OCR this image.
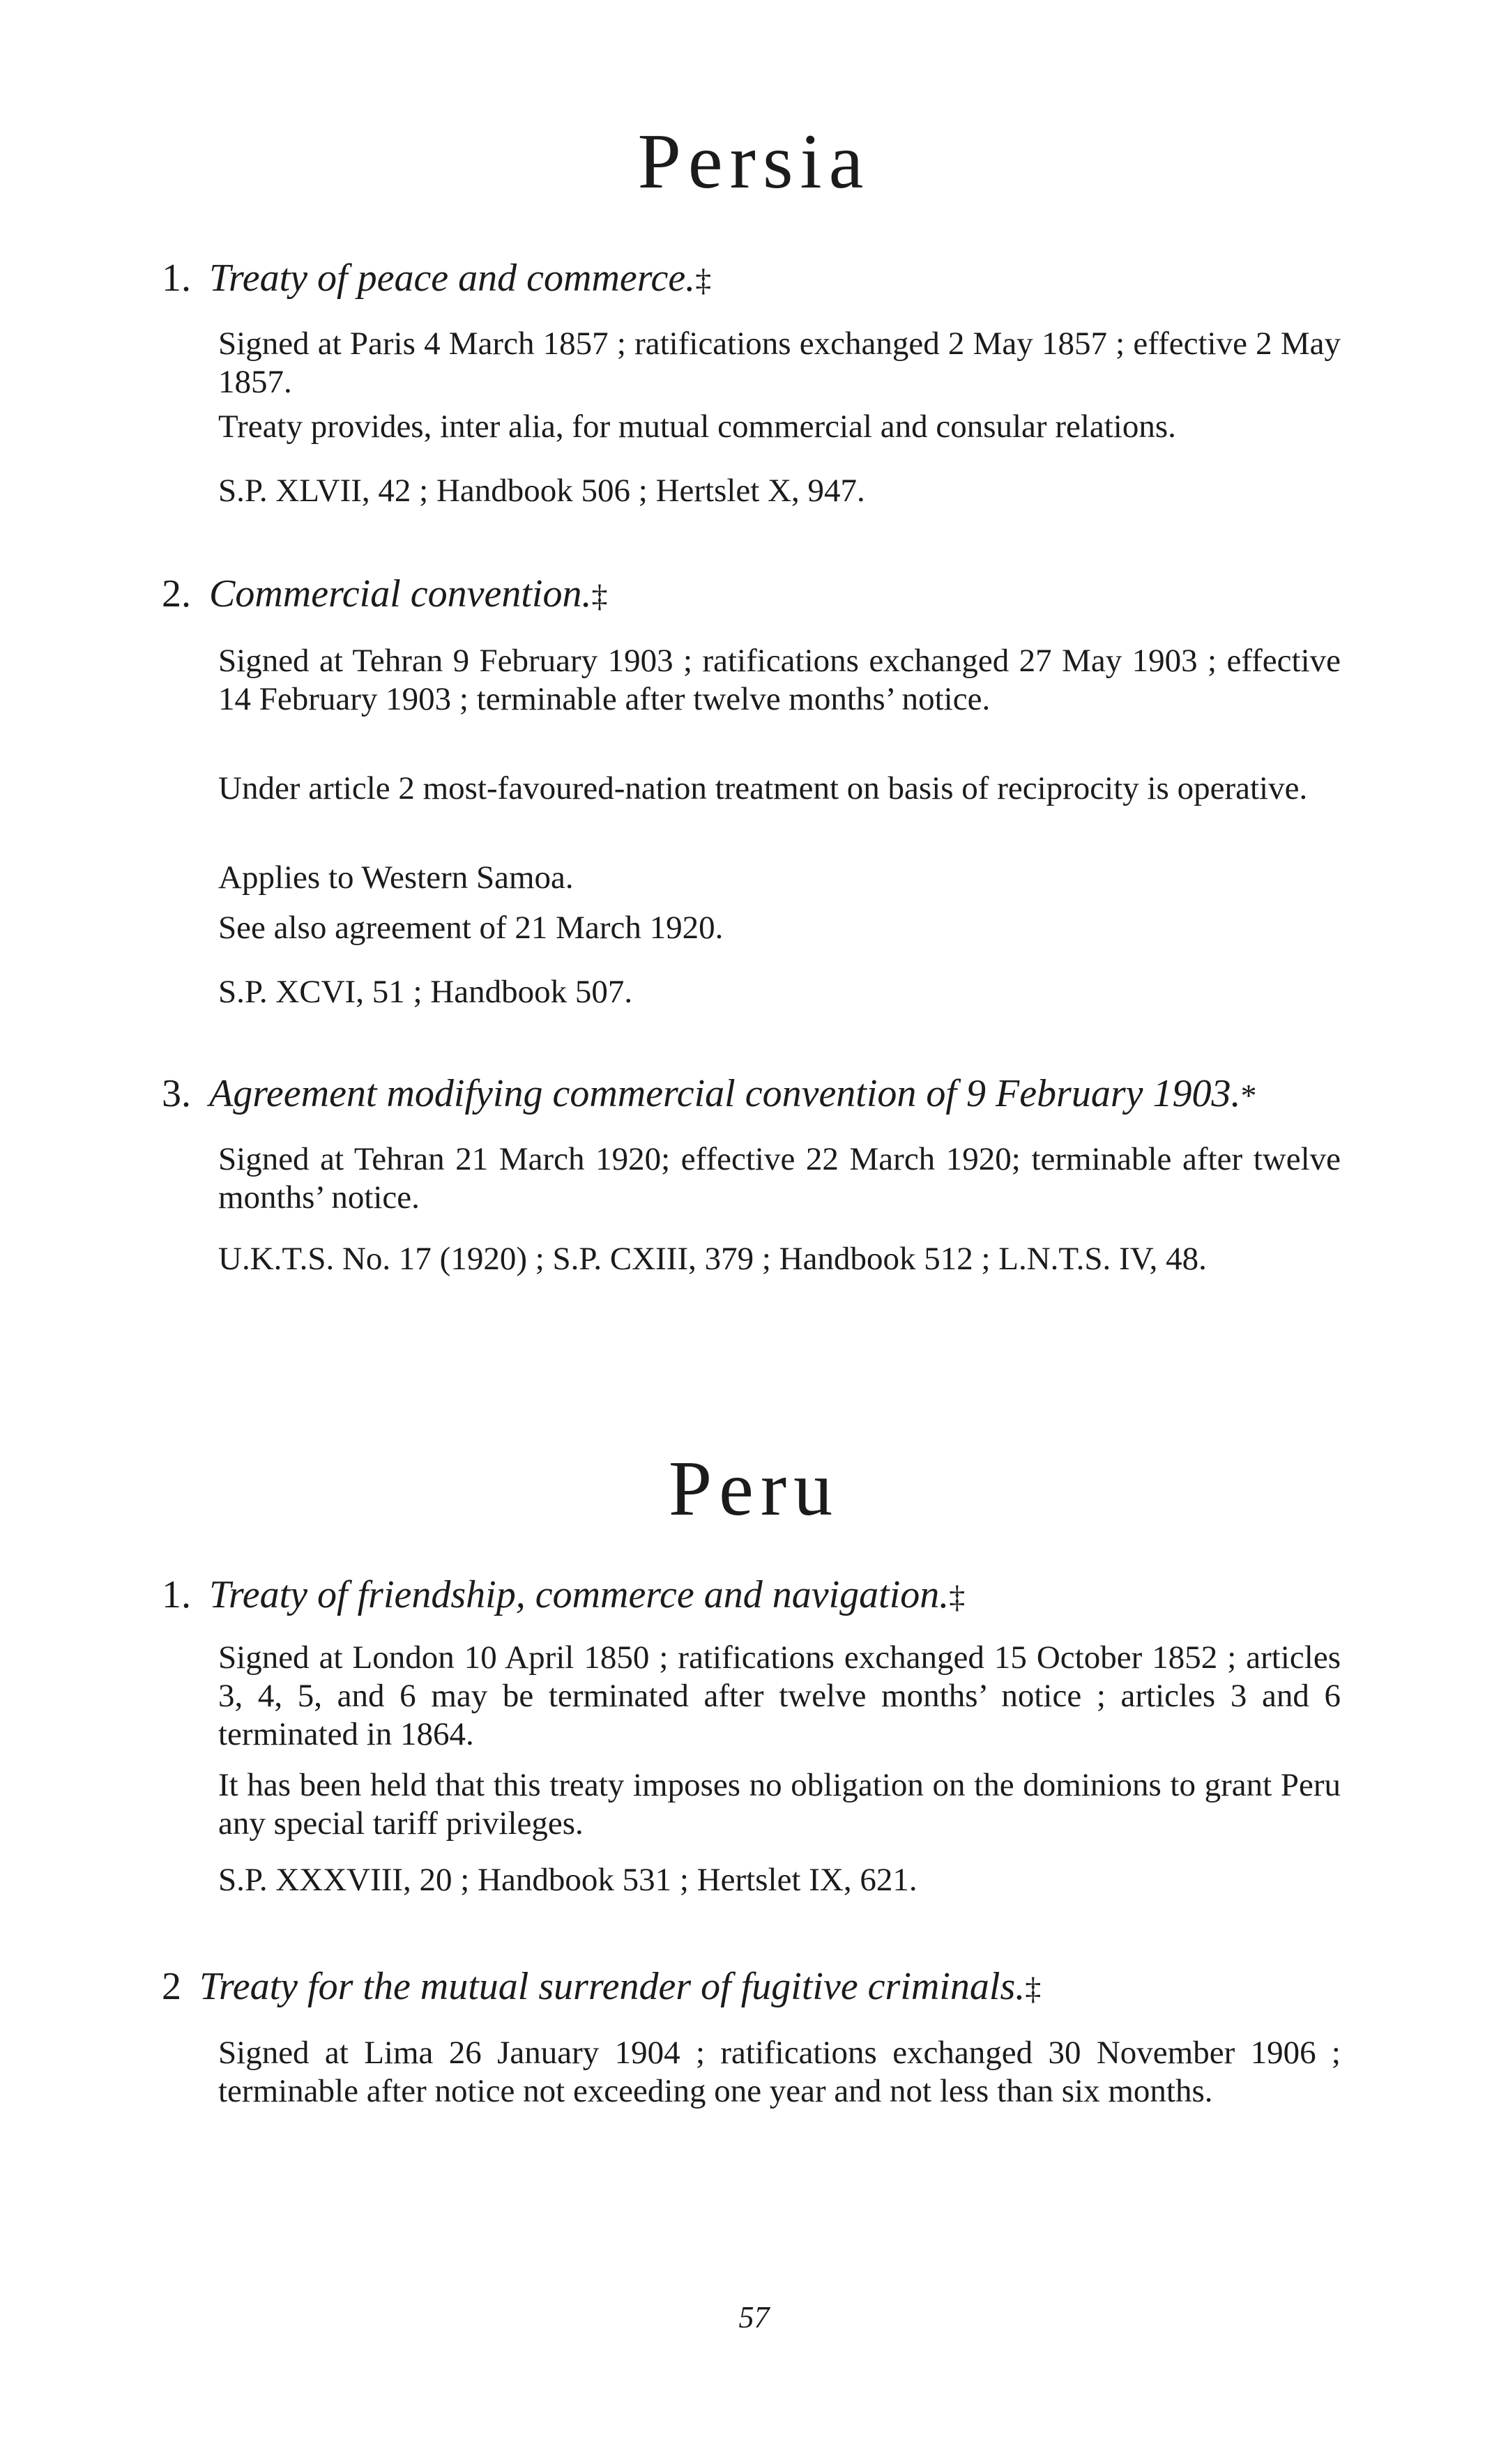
Persia
1. Treaty of peace and commerce.‡

Signed at Paris 4 March 1857 ; ratifications exchanged 2 May 1857 ; effective 2 May 1857.

Treaty provides, inter alia, for mutual commercial and consular relations.

S.P. XLVII, 42 ; Handbook 506 ; Hertslet X, 947.

2. Commercial convention.‡

Signed at Tehran 9 February 1903 ; ratifications exchanged 27 May 1903 ; effective 14 February 1903 ; terminable after twelve months’ notice.

Under article 2 most-favoured-nation treatment on basis of reciprocity is operative.

Applies to Western Samoa.

See also agreement of 21 March 1920.

S.P. XCVI, 51 ; Handbook 507.

3. Agreement modifying commercial convention of 9 February 1903.*

Signed at Tehran 21 March 1920; effective 22 March 1920; terminable after twelve months’ notice.

U.K.T.S. No. 17 (1920) ; S.P. CXIII, 379 ; Handbook 512 ; L.N.T.S. IV, 48.

Peru
1. Treaty of friendship, commerce and navigation.‡

Signed at London 10 April 1850 ; ratifications exchanged 15 October 1852 ; articles 3, 4, 5, and 6 may be terminated after twelve months’ notice ; articles 3 and 6 terminated in 1864.

It has been held that this treaty imposes no obligation on the dominions to grant Peru any special tariff privileges.

S.P. XXXVIII, 20 ; Handbook 531 ; Hertslet IX, 621.

2 Treaty for the mutual surrender of fugitive criminals.‡

Signed at Lima 26 January 1904 ; ratifications exchanged 30 November 1906 ; terminable after notice not exceeding one year and not less than six months.

57
